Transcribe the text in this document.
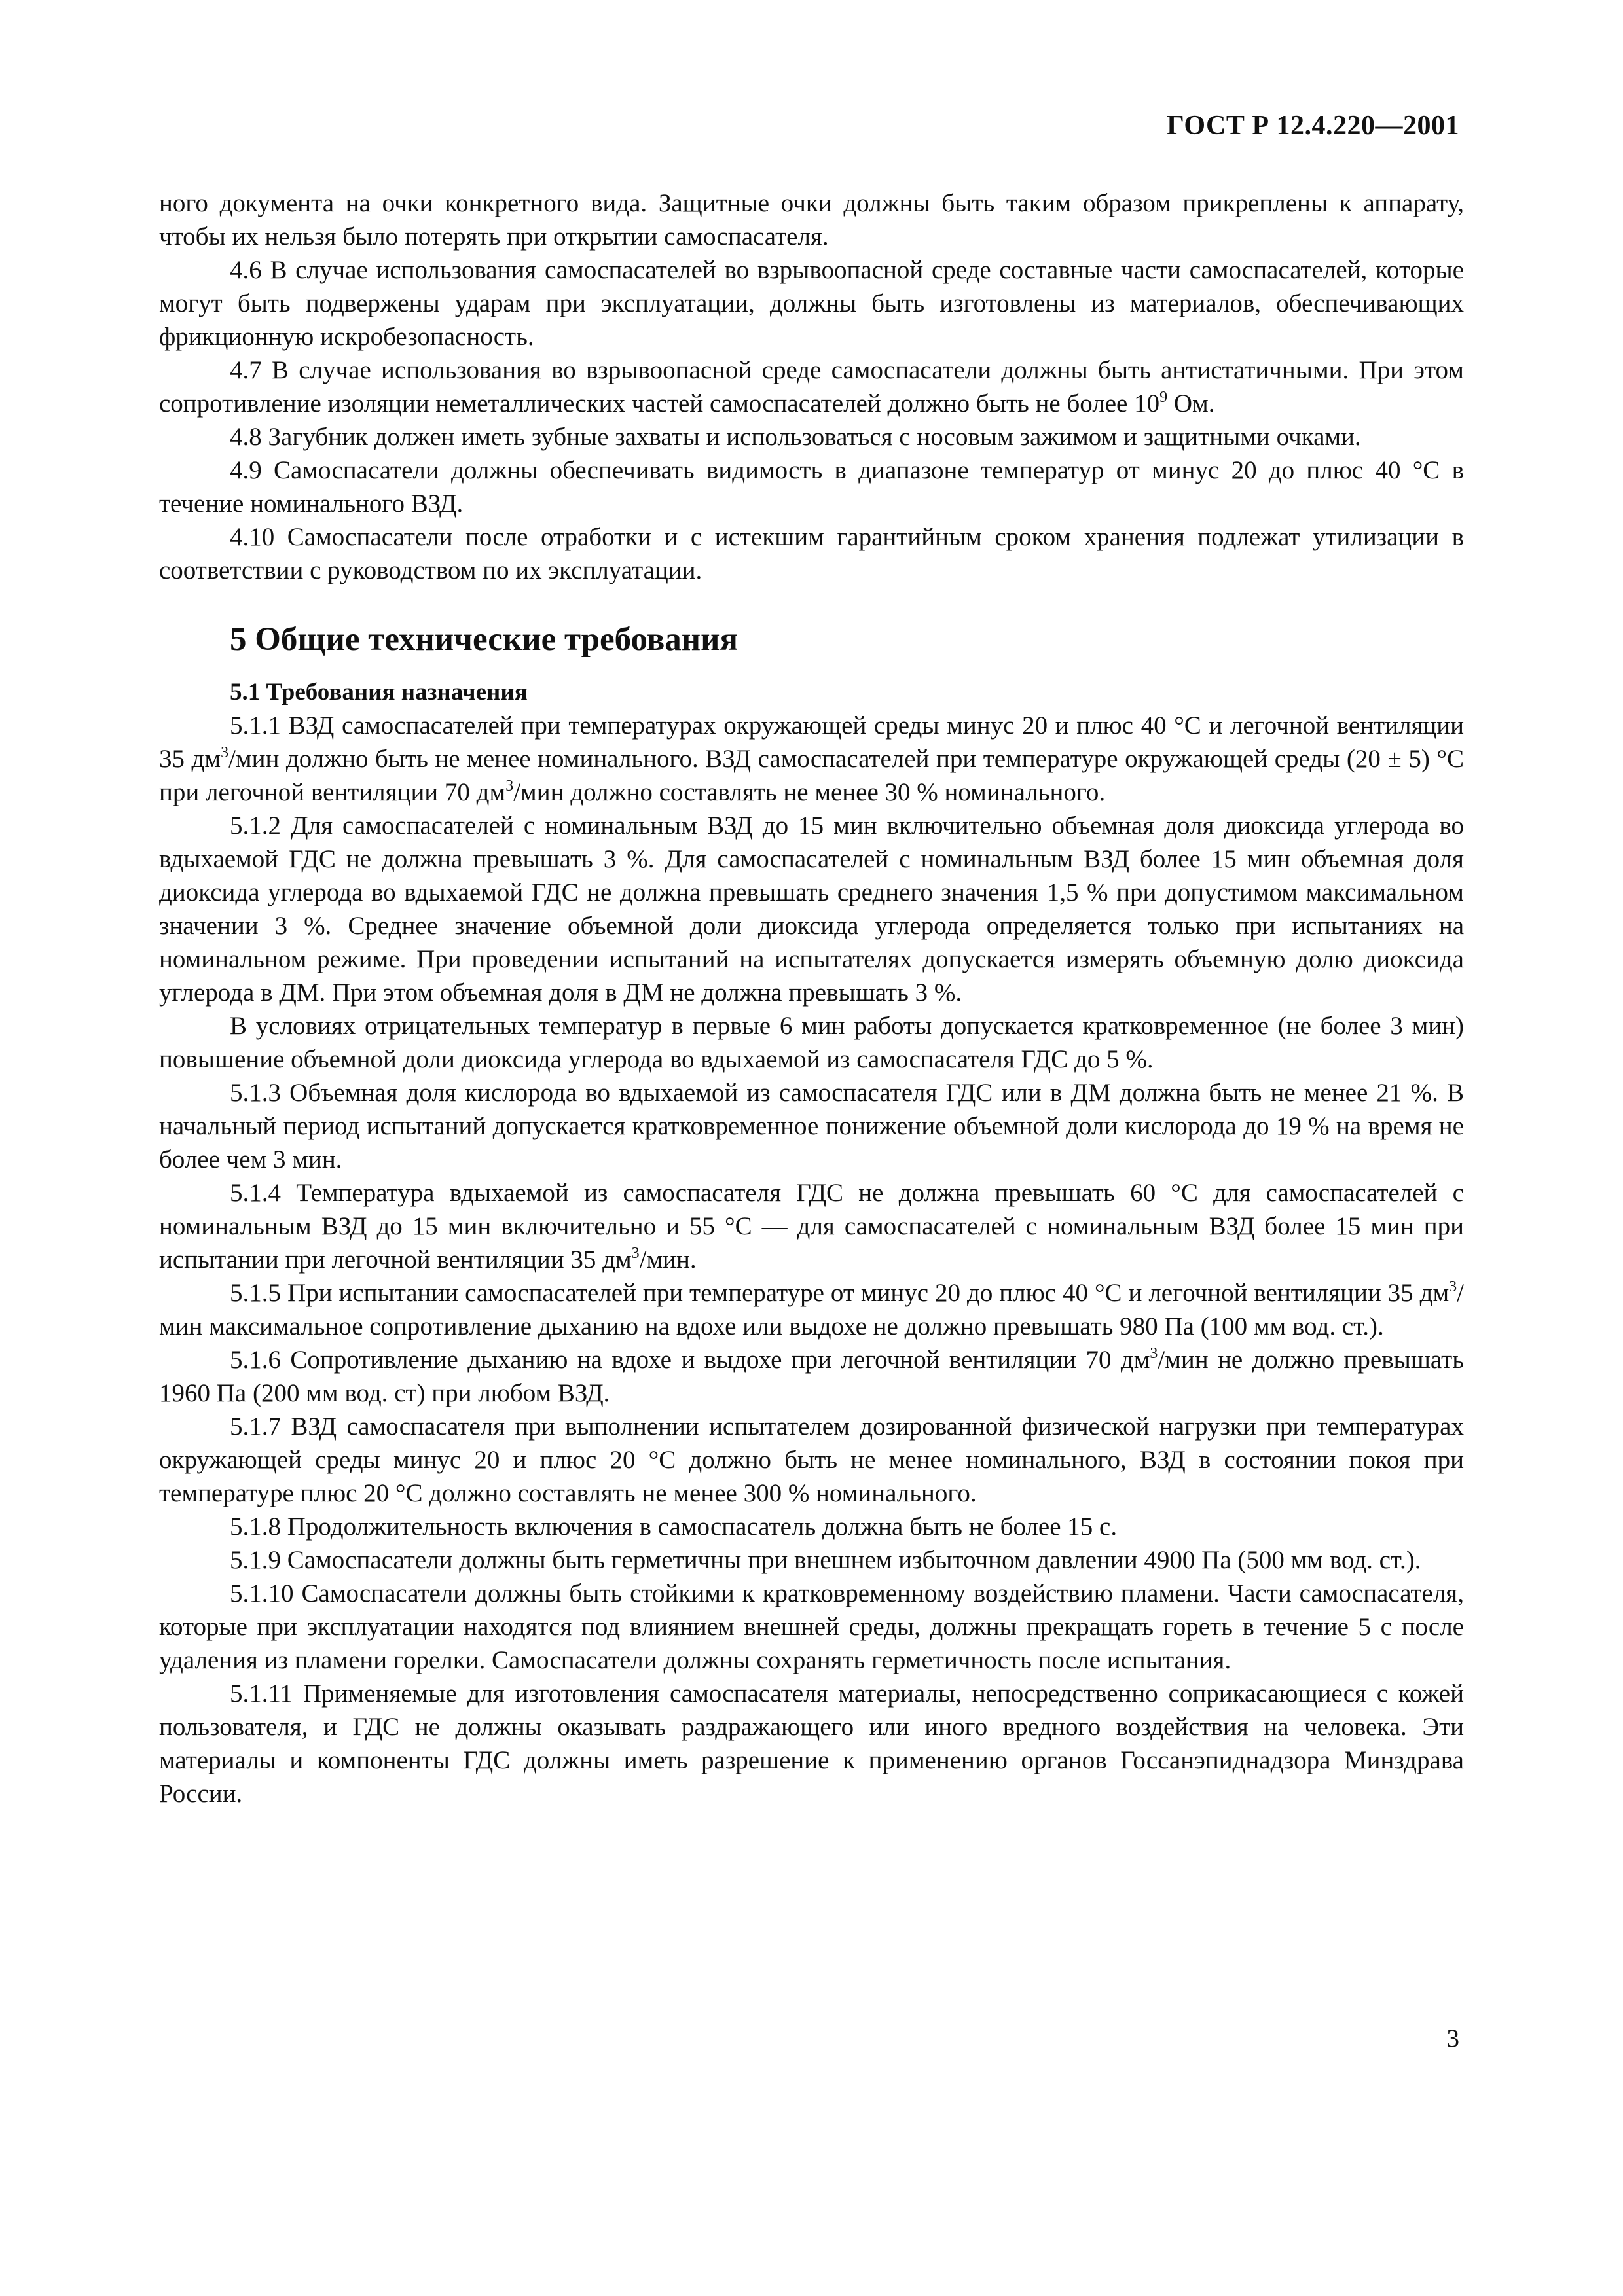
ГОСТ Р 12.4.220—2001

ного документа на очки конкретного вида. Защитные очки должны быть таким образом прикреплены к аппарату, чтобы их нельзя было потерять при открытии самоспасателя.

4.6 В случае использования самоспасателей во взрывоопасной среде составные части самоспасателей, которые могут быть подвержены ударам при эксплуатации, должны быть изготовлены из материалов, обеспечивающих фрикционную искробезопасность.

4.7 В случае использования во взрывоопасной среде самоспасатели должны быть антистатичными. При этом сопротивление изоляции неметаллических частей самоспасателей должно быть не более $10^9$ Ом.

4.8 Загубник должен иметь зубные захваты и использоваться с носовым зажимом и защитными очками.

4.9 Самоспасатели должны обеспечивать видимость в диапазоне температур от минус 20 до плюс 40 °С в течение номинального ВЗД.

4.10 Самоспасатели после отработки и с истекшим гарантийным сроком хранения подлежат утилизации в соответствии с руководством по их эксплуатации.

5 Общие технические требования
5.1 Требования назначения

5.1.1 ВЗД самоспасателей при температурах окружающей среды минус 20 и плюс 40 °С и легочной вентиляции 35 $дм^3$/мин должно быть не менее номинального. ВЗД самоспасателей при температуре окружающей среды (20 ± 5) °С при легочной вентиляции 70 $дм^3$/мин должно составлять не менее 30 % номинального.

5.1.2 Для самоспасателей с номинальным ВЗД до 15 мин включительно объемная доля диоксида углерода во вдыхаемой ГДС не должна превышать 3 %. Для самоспасателей с номинальным ВЗД более 15 мин объемная доля диоксида углерода во вдыхаемой ГДС не должна превышать среднего значения 1,5 % при допустимом максимальном значении 3 %. Среднее значение объемной доли диоксида углерода определяется только при испытаниях на номинальном режиме. При проведении испытаний на испытателях допускается измерять объемную долю диоксида углерода в ДМ. При этом объемная доля в ДМ не должна превышать 3 %.

В условиях отрицательных температур в первые 6 мин работы допускается кратковременное (не более 3 мин) повышение объемной доли диоксида углерода во вдыхаемой из самоспасателя ГДС до 5 %.

5.1.3 Объемная доля кислорода во вдыхаемой из самоспасателя ГДС или в ДМ должна быть не менее 21 %. В начальный период испытаний допускается кратковременное понижение объемной доли кислорода до 19 % на время не более чем 3 мин.

5.1.4 Температура вдыхаемой из самоспасателя ГДС не должна превышать 60 °С для самоспасателей с номинальным ВЗД до 15 мин включительно и 55 °С — для самоспасателей с номинальным ВЗД более 15 мин при испытании при легочной вентиляции 35 $дм^3$/мин.

5.1.5 При испытании самоспасателей при температуре от минус 20 до плюс 40 °С и легочной вентиляции 35 $дм^3$/мин максимальное сопротивление дыханию на вдохе или выдохе не должно превышать 980 Па (100 мм вод. ст.).

5.1.6 Сопротивление дыханию на вдохе и выдохе при легочной вентиляции 70 $дм^3$/мин не должно превышать 1960 Па (200 мм вод. ст) при любом ВЗД.

5.1.7 ВЗД самоспасателя при выполнении испытателем дозированной физической нагрузки при температурах окружающей среды минус 20 и плюс 20 °С должно быть не менее номинального, ВЗД в состоянии покоя при температуре плюс 20 °С должно составлять не менее 300 % номинального.

5.1.8 Продолжительность включения в самоспасатель должна быть не более 15 с.

5.1.9 Самоспасатели должны быть герметичны при внешнем избыточном давлении 4900 Па (500 мм вод. ст.).

5.1.10 Самоспасатели должны быть стойкими к кратковременному воздействию пламени. Части самоспасателя, которые при эксплуатации находятся под влиянием внешней среды, должны прекращать гореть в течение 5 с после удаления из пламени горелки. Самоспасатели должны сохранять герметичность после испытания.

5.1.11 Применяемые для изготовления самоспасателя материалы, непосредственно соприкасающиеся с кожей пользователя, и ГДС не должны оказывать раздражающего или иного вредного воздействия на человека. Эти материалы и компоненты ГДС должны иметь разрешение к применению органов Госсанэпиднадзора Минздрава России.

3
